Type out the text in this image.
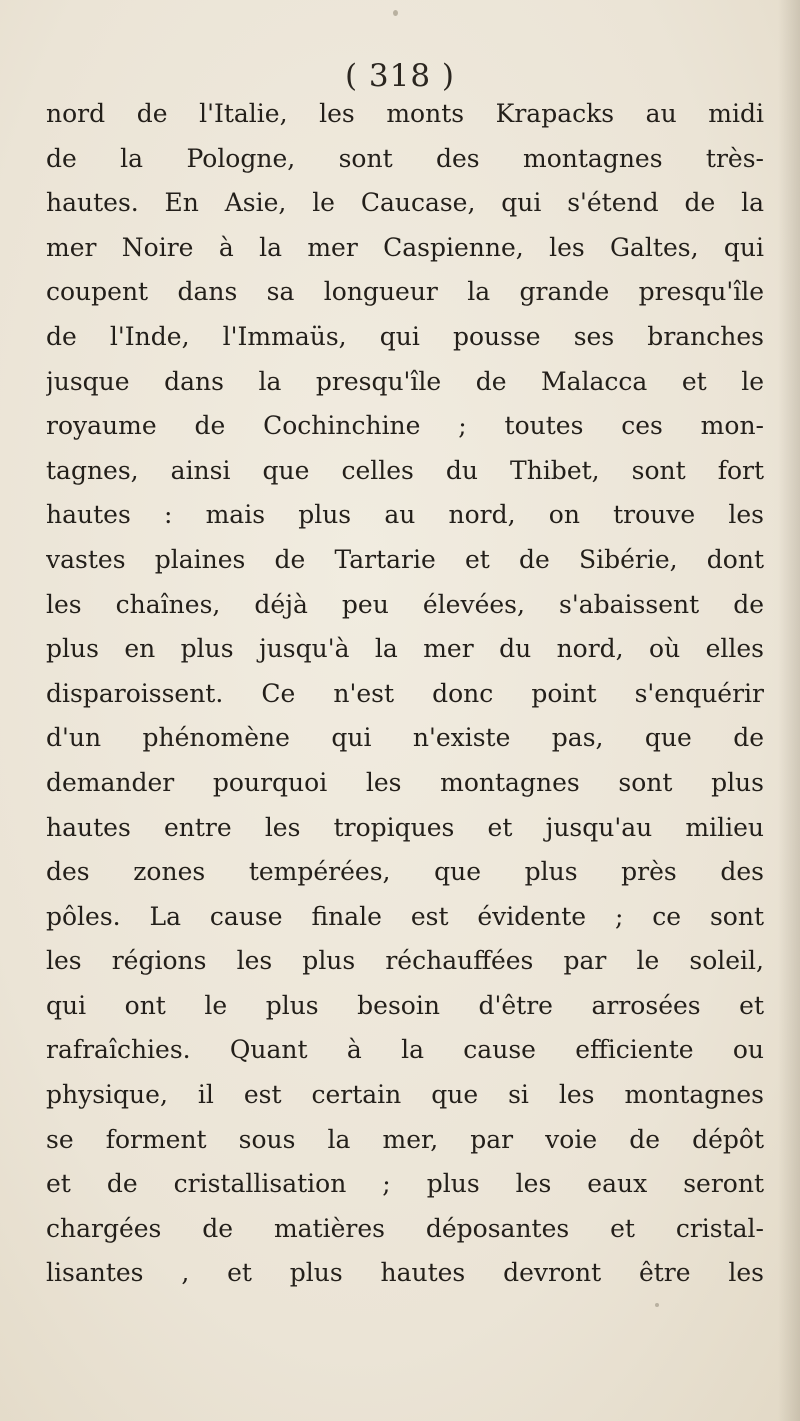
( 318 )
nord de l'Italie, les monts Krapacks au midi
de la Pologne, sont des montagnes très-
hautes. En Asie, le Caucase, qui s'étend de la
mer Noire à la mer Caspienne, les Galtes, qui
coupent dans sa longueur la grande presqu'île
de l'Inde, l'Immaüs, qui pousse ses branches
jusque dans la presqu'île de Malacca et le
royaume de Cochinchine ; toutes ces mon-
tagnes, ainsi que celles du Thibet, sont fort
hautes : mais plus au nord, on trouve les
vastes plaines de Tartarie et de Sibérie, dont
les chaînes, déjà peu élevées, s'abaissent de
plus en plus jusqu'à la mer du nord, où elles
disparoissent. Ce n'est donc point s'enquérir
d'un phénomène qui n'existe pas, que de
demander pourquoi les montagnes sont plus
hautes entre les tropiques et jusqu'au milieu
des zones tempérées, que plus près des
pôles. La cause finale est évidente ; ce sont
les régions les plus réchauffées par le soleil,
qui ont le plus besoin d'être arrosées et
rafraîchies. Quant à la cause efficiente ou
physique, il est certain que si les montagnes
se forment sous la mer, par voie de dépôt
et de cristallisation ; plus les eaux seront
chargées de matières déposantes et cristal-
lisantes , et plus hautes devront être les
